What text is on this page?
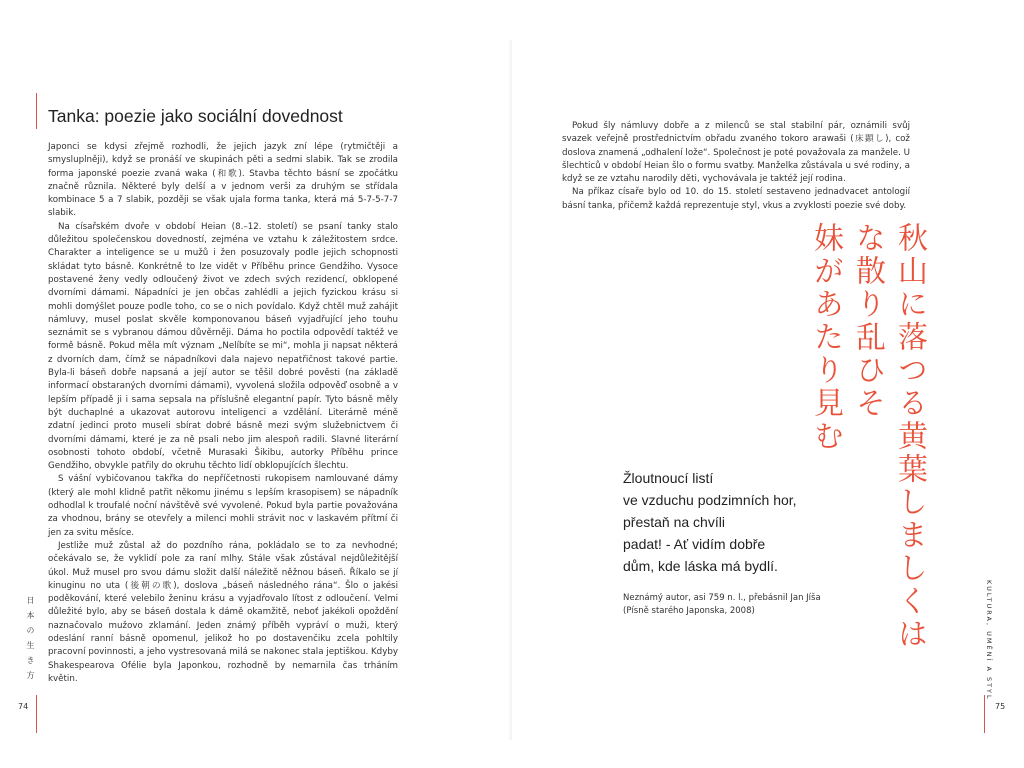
Tanka: poezie jako sociální dovednost

Japonci se kdysi zřejmě rozhodli, že jejich jazyk zní lépe (rytmičtěji a smysluplněji), když se pronáší ve skupinách pěti a sedmi slabik. Tak se zrodila forma japonské poezie zvaná waka (和歌). Stavba těchto básní se zpočátku značně různila. Některé byly delší a v jednom verši za druhým se střídala kombinace 5 a 7 slabik, později se však ujala forma tanka, která má 5-7-5-7-7 slabik.

Na císařském dvoře v období Heian (8.–12. století) se psaní tanky stalo důležitou společenskou dovedností, zejména ve vztahu k záležitostem srdce. Charakter a inteligence se u mužů i žen posuzovaly podle jejich schopnosti skládat tyto básně. Konkrétně to lze vidět v Příběhu prince Gendžiho. Vysoce postavené ženy vedly odloučený život ve zdech svých rezidencí, obklopené dvorními dámami. Nápadníci je jen občas zahlédli a jejich fyzickou krásu si mohli domýšlet pouze podle toho, co se o nich povídalo. Když chtěl muž zahájit námluvy, musel poslat skvěle komponovanou báseň vyjadřující jeho touhu seznámit se s vybranou dámou důvěrněji. Dáma ho poctila odpovědí taktéž ve formě básně. Pokud měla mít význam „Nelíbíte se mi“, mohla ji napsat některá z dvorních dam, čímž se nápadníkovi dala najevo nepatřičnost takové partie. Byla-li báseň dobře napsaná a její autor se těšil dobré pověsti (na základě informací obstaraných dvorními dámami), vyvolená složila odpověď osobně a v lepším případě ji i sama sepsala na příslušně elegantní papír. Tyto básně měly být duchaplné a ukazovat autorovu inteligenci a vzdělání. Literárně méně zdatní jedinci proto museli sbírat dobré básně mezi svým služebnictvem či dvorními dámami, které je za ně psali nebo jim alespoň radili. Slavné literární osobnosti tohoto období, včetně Murasaki Šikibu, autorky Příběhu prince Gendžiho, obvykle patřily do okruhu těchto lidí obklopujících šlechtu.

S vášní vybičovanou takřka do nepříčetnosti rukopisem namlouvané dámy (který ale mohl klidně patřit někomu jinému s lepším krasopisem) se nápadník odhodlal k troufalé noční návštěvě své vyvolené. Pokud byla partie považována za vhodnou, brány se otevřely a milenci mohli strávit noc v laskavém přítmí či jen za svitu měsíce.

Jestliže muž zůstal až do pozdního rána, pokládalo se to za nevhodné; očekávalo se, že vyklidí pole za raní mlhy. Stále však zůstával nejdůležitější úkol. Muž musel pro svou dámu složit další náležitě něžnou báseň. Říkalo se jí kinuginu no uta (後朝の歌), doslova „báseň následného rána“. Šlo o jakési poděkování, které velebilo ženinu krásu a vyjadřovalo lítost z odloučení. Velmi důležité bylo, aby se báseň dostala k dámě okamžitě, neboť jakékoli opoždění naznačovalo mužovo zklamání. Jeden známý příběh vypráví o muži, který odeslání ranní básně opomenul, jelikož ho po dostavenčiku zcela pohltily pracovní povinnosti, a jeho vystresovaná milá se nakonec stala jeptiškou. Kdyby Shakespearova Ofélie byla Japonkou, rozhodně by nemarnila čas trháním květin.

日本の生き方
74

Pokud šly námluvy dobře a z milenců se stal stabilní pár, oznámili svůj svazek veřejně prostřednictvím obřadu zvaného tokoro arawaši (床顕し), což doslova znamená „odhalení lože“. Společnost je poté považovala za manžele. U šlechticů v období Heian šlo o formu svatby. Manželka zůstávala u své rodiny, a když se ze vztahu narodily děti, vychovávala je taktéž její rodina.

Na příkaz císaře bylo od 10. do 15. století sestaveno jednadvacet antologií básní tanka, přičemž každá reprezentuje styl, vkus a zvyklosti poezie své doby.

秋山に落つる黄葉しましくは
な散り乱ひそ
妹があたり見む
Žloutnoucí listí
ve vzduchu podzimních hor,
přestaň na chvíli
padat! - Ať vidím dobře
dům, kde láska má bydlí.
Neznámý autor, asi 759 n. l., přebásnil Jan Jíša
(Písně starého Japonska, 2008)	KULTURA, UMĚNÍ A STYL
75
